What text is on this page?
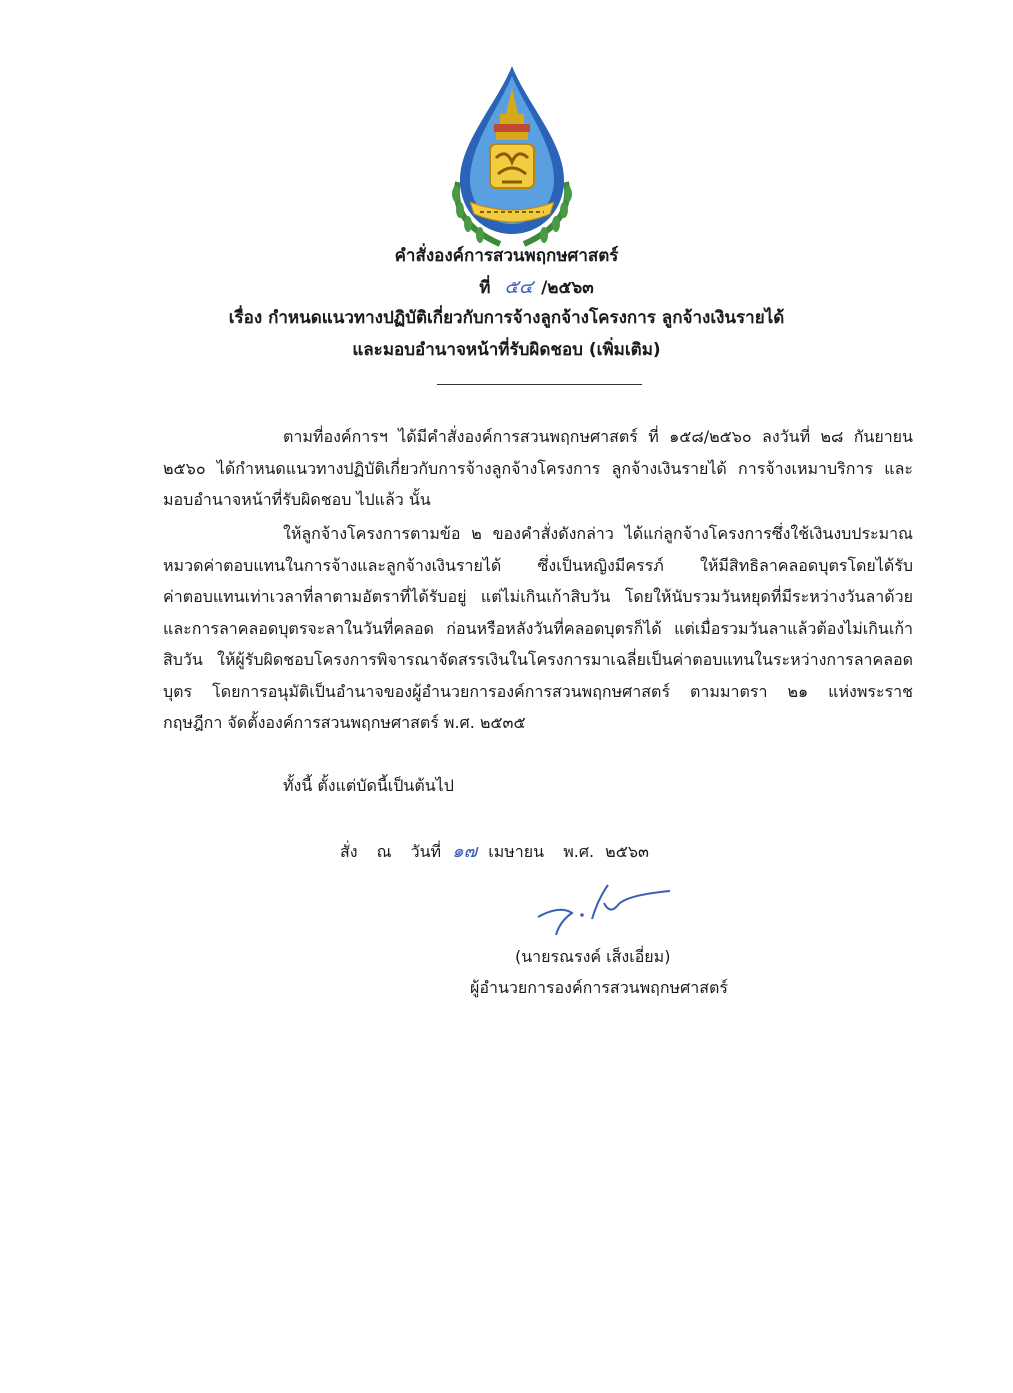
คำสั่งองค์การสวนพฤกษศาสตร์
ที่ ๕๔ /๒๕๖๓
เรื่อง กำหนดแนวทางปฏิบัติเกี่ยวกับการจ้างลูกจ้างโครงการ ลูกจ้างเงินรายได้
และมอบอำนาจหน้าที่รับผิดชอบ (เพิ่มเติม)
ตามที่องค์การฯ ได้มีคำสั่งองค์การสวนพฤกษศาสตร์ ที่ ๑๕๘/๒๕๖๐ ลงวันที่ ๒๘ กันยายน
๒๕๖๐ ได้กำหนดแนวทางปฏิบัติเกี่ยวกับการจ้างลูกจ้างโครงการ ลูกจ้างเงินรายได้ การจ้างเหมาบริการ และ
มอบอำนาจหน้าที่รับผิดชอบ ไปแล้ว นั้น
ให้ลูกจ้างโครงการตามข้อ ๒ ของคำสั่งดังกล่าว ได้แก่ลูกจ้างโครงการซึ่งใช้เงินงบประมาณ
หมวดค่าตอบแทนในการจ้างและลูกจ้างเงินรายได้ ซึ่งเป็นหญิงมีครรภ์ ให้มีสิทธิลาคลอดบุตรโดยได้รับ
ค่าตอบแทนเท่าเวลาที่ลาตามอัตราที่ได้รับอยู่ แต่ไม่เกินเก้าสิบวัน โดยให้นับรวมวันหยุดที่มีระหว่างวันลาด้วย
และการลาคลอดบุตรจะลาในวันที่คลอด ก่อนหรือหลังวันที่คลอดบุตรก็ได้ แต่เมื่อรวมวันลาแล้วต้องไม่เกินเก้า
สิบวัน ให้ผู้รับผิดชอบโครงการพิจารณาจัดสรรเงินในโครงการมาเฉลี่ยเป็นค่าตอบแทนในระหว่างการลาคลอด
บุตร โดยการอนุมัติเป็นอำนาจของผู้อำนวยการองค์การสวนพฤกษศาสตร์ ตามมาตรา ๒๑ แห่งพระราช
กฤษฎีกา จัดตั้งองค์การสวนพฤกษศาสตร์ พ.ศ. ๒๕๓๕
ทั้งนี้ ตั้งแต่บัดนี้เป็นต้นไป
สั่ง ณ วันที่ ๑๗ เมษายน พ.ศ. ๒๕๖๓
(นายรณรงค์ เส็งเอี่ยม)
ผู้อำนวยการองค์การสวนพฤกษศาสตร์
